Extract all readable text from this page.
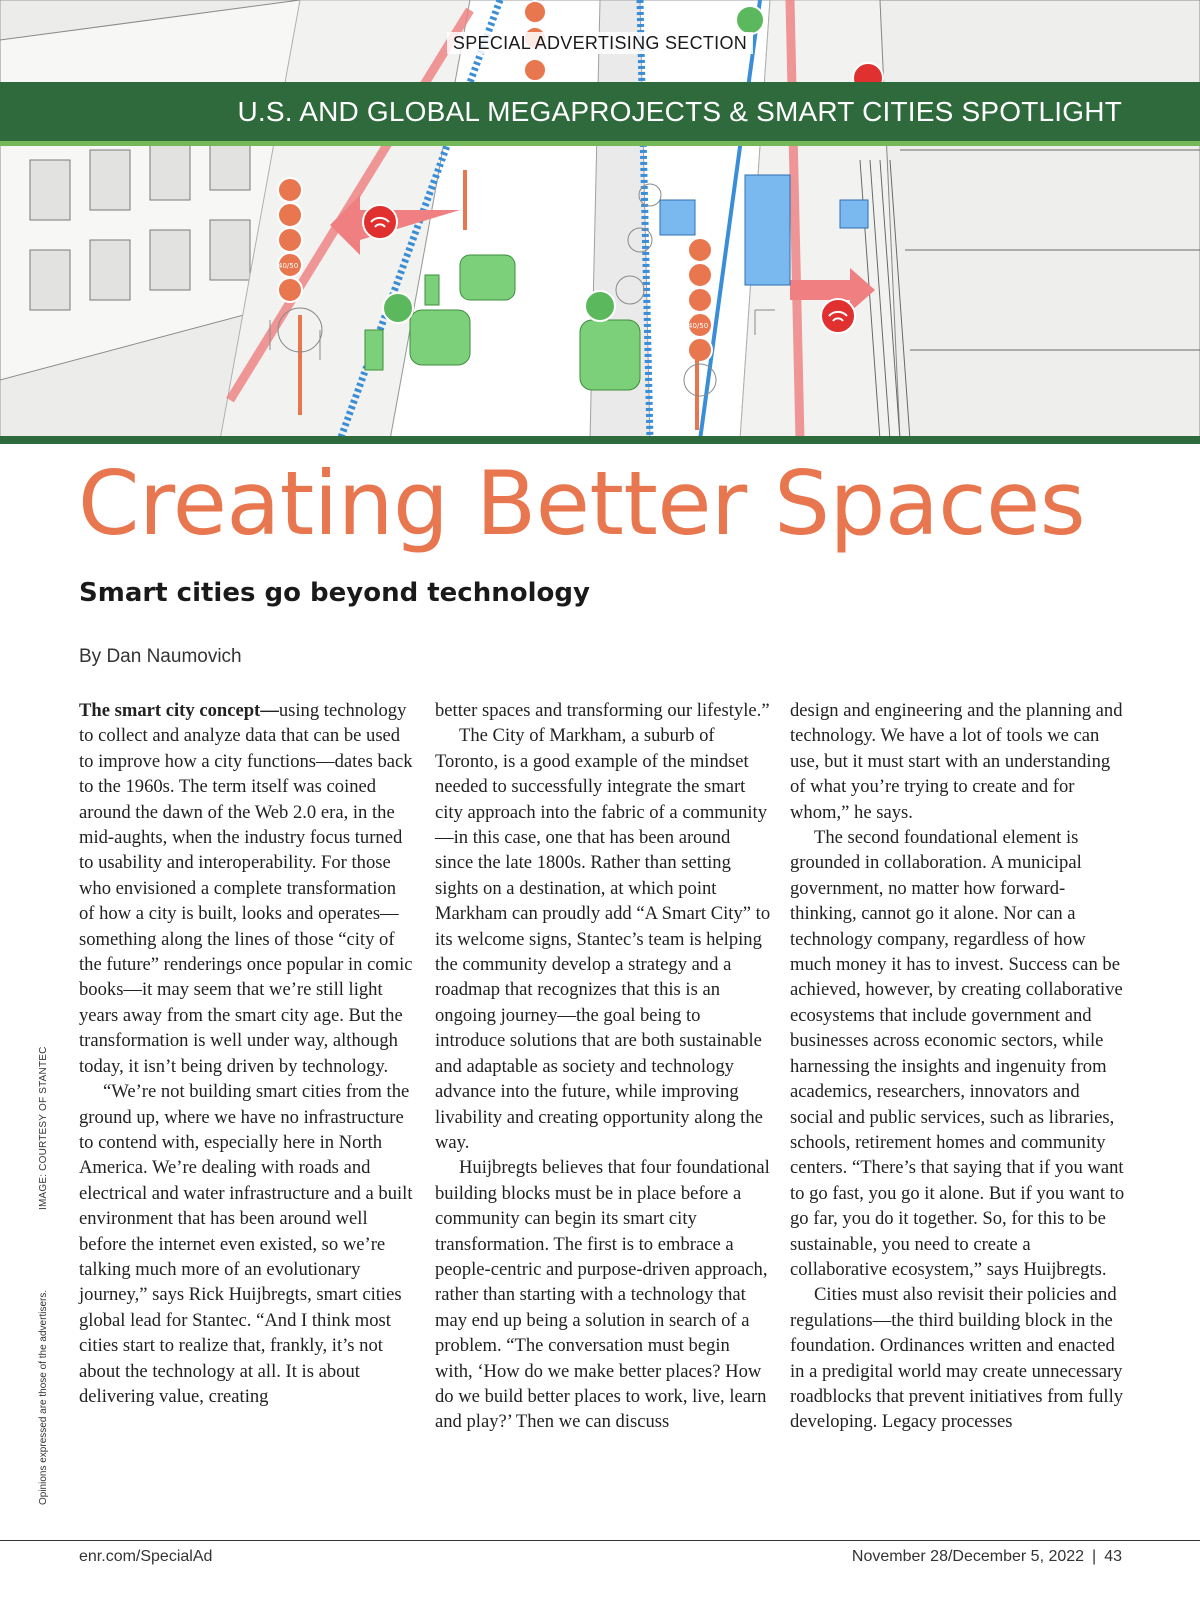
40/50
40/50
SPECIAL ADVERTISING SECTION
U.S. AND GLOBAL MEGAPROJECTS & SMART CITIES SPOTLIGHT
Creating Better Spaces
Smart cities go beyond technology
By Dan Naumovich
IMAGE: COURTESY OF STANTEC
Opinions expressed are those of the advertisers.

The smart city concept—using technology to collect and analyze data that can be used to improve how a city functions—dates back to the 1960s. The term itself was coined around the dawn of the Web 2.0 era, in the mid-aughts, when the industry focus turned to usability and interoperability. For those who envisioned a complete transformation of how a city is built, looks and operates—something along the lines of those “city of the future” renderings once popular in comic books—it may seem that we’re still light years away from the smart city age. But the transformation is well under way, although today, it isn’t being driven by technology.

“We’re not building smart cities from the ground up, where we have no infrastructure to contend with, especially here in North America. We’re dealing with roads and electrical and water infrastructure and a built environment that has been around well before the internet even existed, so we’re talking much more of an evolutionary journey,” says Rick Huijbregts, smart cities global lead for Stantec. “And I think most cities start to realize that, frankly, it’s not about the technology at all. It is about delivering value, creating

better spaces and transforming our lifestyle.”

The City of Markham, a suburb of Toronto, is a good example of the mindset needed to successfully integrate the smart city approach into the fabric of a community—in this case, one that has been around since the late 1800s. Rather than setting sights on a destination, at which point Markham can proudly add “A Smart City” to its welcome signs, Stantec’s team is helping the community develop a strategy and a roadmap that recognizes that this is an ongoing journey—the goal being to introduce solutions that are both sustainable and adaptable as society and technology advance into the future, while improving livability and creating opportunity along the way.

Huijbregts believes that four foundational building blocks must be in place before a community can begin its smart city transformation. The first is to embrace a people-centric and purpose-driven approach, rather than starting with a technology that may end up being a solution in search of a problem. “The conversation must begin with, ‘How do we make better places? How do we build better places to work, live, learn and play?’ Then we can discuss

design and engineering and the planning and technology. We have a lot of tools we can use, but it must start with an understanding of what you’re trying to create and for whom,” he says.

The second foundational element is grounded in collaboration. A municipal government, no matter how forward-thinking, cannot go it alone. Nor can a technology company, regardless of how much money it has to invest. Success can be achieved, however, by creating collaborative ecosystems that include government and businesses across economic sectors, while harnessing the insights and ingenuity from academics, researchers, innovators and social and public services, such as libraries, schools, retirement homes and community centers. “There’s that saying that if you want to go fast, you go it alone. But if you want to go far, you do it together. So, for this to be sustainable, you need to create a collaborative ecosystem,” says Huijbregts.

Cities must also revisit their policies and regulations—the third building block in the foundation. Ordinances written and enacted in a predigital world may create unnecessary roadblocks that prevent initiatives from fully developing. Legacy processes

enr.com/SpecialAd	November 28/December 5, 2022 | 43
